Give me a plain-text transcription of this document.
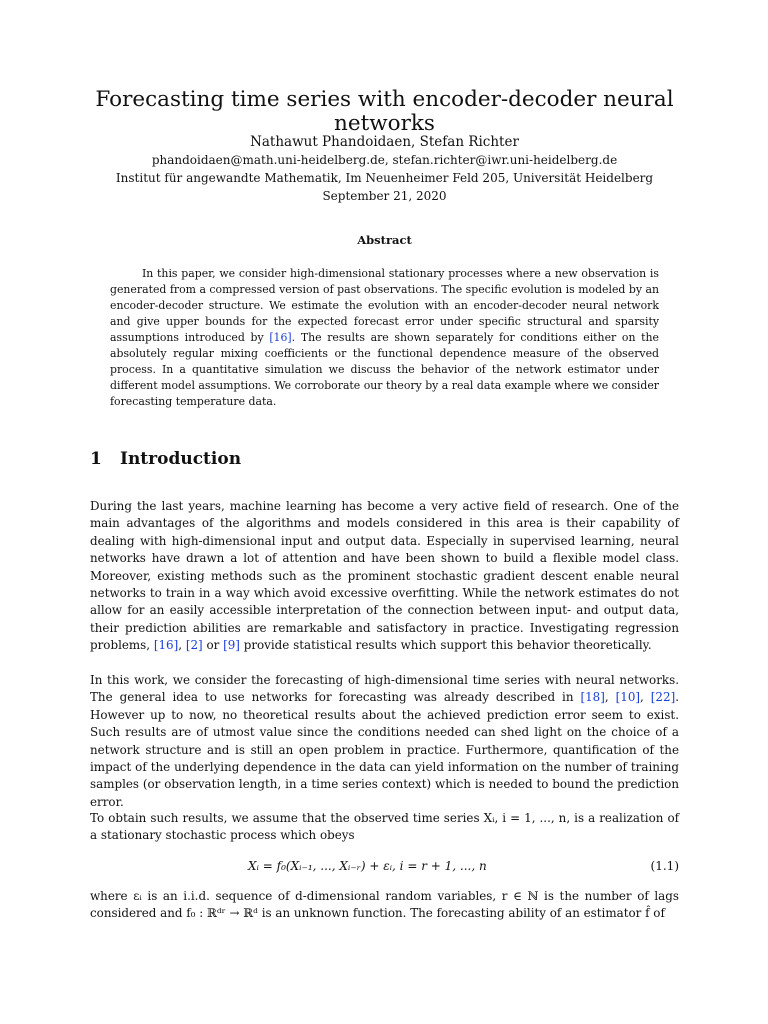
Forecasting time series with encoder-decoder neural networks
Nathawut Phandoidaen, Stefan Richter
phandoidaen@math.uni-heidelberg.de, stefan.richter@iwr.uni-heidelberg.de
Institut für angewandte Mathematik, Im Neuenheimer Feld 205, Universität Heidelberg
September 21, 2020
Abstract

In this paper, we consider high-dimensional stationary processes where a new observation is generated from a compressed version of past observations. The specific evolution is modeled by an encoder-decoder structure. We estimate the evolution with an encoder-decoder neural network and give upper bounds for the expected forecast error under specific structural and sparsity assumptions introduced by [16]. The results are shown separately for conditions either on the absolutely regular mixing coefficients or the functional dependence measure of the observed process. In a quantitative simulation we discuss the behavior of the network estimator under different model assumptions. We corroborate our theory by a real data example where we consider forecasting temperature data.

1 Introduction

During the last years, machine learning has become a very active field of research. One of the main advantages of the algorithms and models considered in this area is their capability of dealing with high-dimensional input and output data. Especially in supervised learning, neural networks have drawn a lot of attention and have been shown to build a flexible model class. Moreover, existing methods such as the prominent stochastic gradient descent enable neural networks to train in a way which avoid excessive overfitting. While the network estimates do not allow for an easily accessible interpretation of the connection between input- and output data, their prediction abilities are remarkable and satisfactory in practice. Investigating regression problems, [16], [2] or [9] provide statistical results which support this behavior theoretically.

In this work, we consider the forecasting of high-dimensional time series with neural networks. The general idea to use networks for forecasting was already described in [18], [10], [22]. However up to now, no theoretical results about the achieved prediction error seem to exist. Such results are of utmost value since the conditions needed can shed light on the choice of a network structure and is still an open problem in practice. Furthermore, quantification of the impact of the underlying dependence in the data can yield information on the number of training samples (or observation length, in a time series context) which is needed to bound the prediction error.

To obtain such results, we assume that the observed time series Xᵢ, i = 1, ..., n, is a realization of a stationary stochastic process which obeys

Xᵢ = f₀(Xᵢ₋₁, ..., Xᵢ₋ᵣ) + εᵢ, i = r + 1, ..., n	(1.1)

where εᵢ is an i.i.d. sequence of d-dimensional random variables, r ∈ ℕ is the number of lags considered and f₀ : ℝᵈʳ → ℝᵈ is an unknown function. The forecasting ability of an estimator f̂ of
